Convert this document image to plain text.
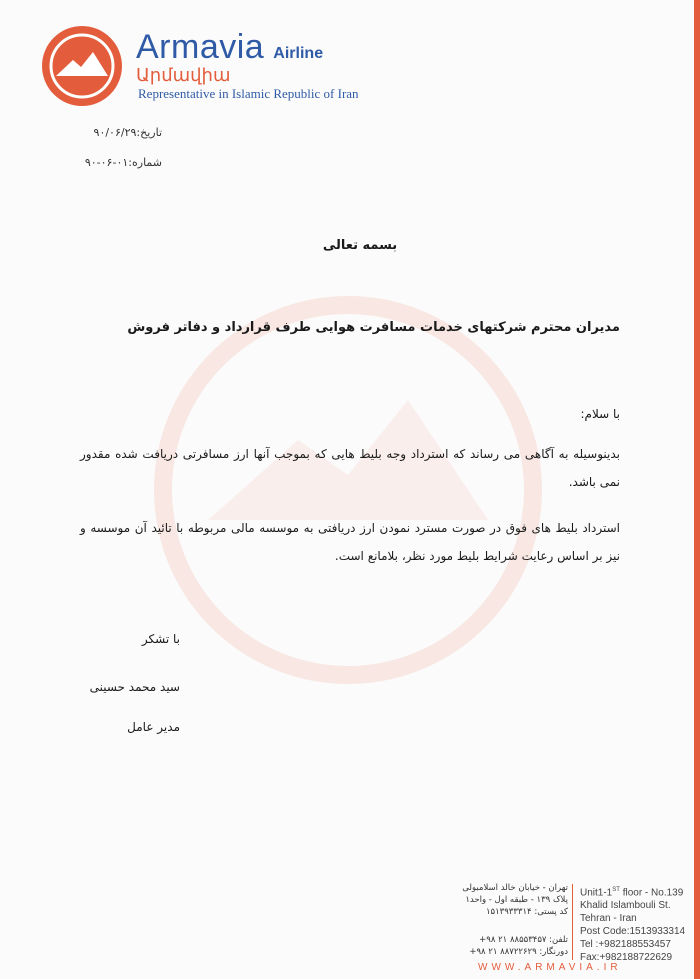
Armavia Airline
Արմավիա
Representative in Islamic Republic of Iran
تاریخ:۹۰/۰۶/۲۹
شماره:۰۱-۰۶-۹۰
بسمه تعالی
مدیران محترم شرکتهای خدمات مسافرت هوایی طرف قرارداد و دفاتر فروش
با سلام:
بدینوسیله به آگاهی می رساند که استرداد وجه بلیط هایی که بموجب آنها ارز مسافرتی دریافت شده مقدور نمی باشد.
استرداد بلیط های فوق در صورت مسترد نمودن ارز دریافتی به موسسه مالی مربوطه با تائید آن موسسه و نیز بر اساس رعایت شرایط بلیط مورد نظر، بلامانع است.
با تشکر
سید محمد حسینی
مدیر عامل
تهران - خیابان خالد اسلامبولی
پلاک ۱۳۹ - طبقه اول - واحد۱
کد پستی: ۱۵۱۳۹۳۳۳۱۴
تلفن: ۸۸۵۵۳۴۵۷ ۲۱ ۹۸+
دورنگار: ۸۸۷۲۲۶۲۹ ۲۱ ۹۸+
Unit1-1ST floor - No.139
Khalid Islambouli St.
Tehran - Iran
Post Code:1513933314
Tel :+982188553457
Fax:+982188722629
WWW.ARMAVIA.IR
